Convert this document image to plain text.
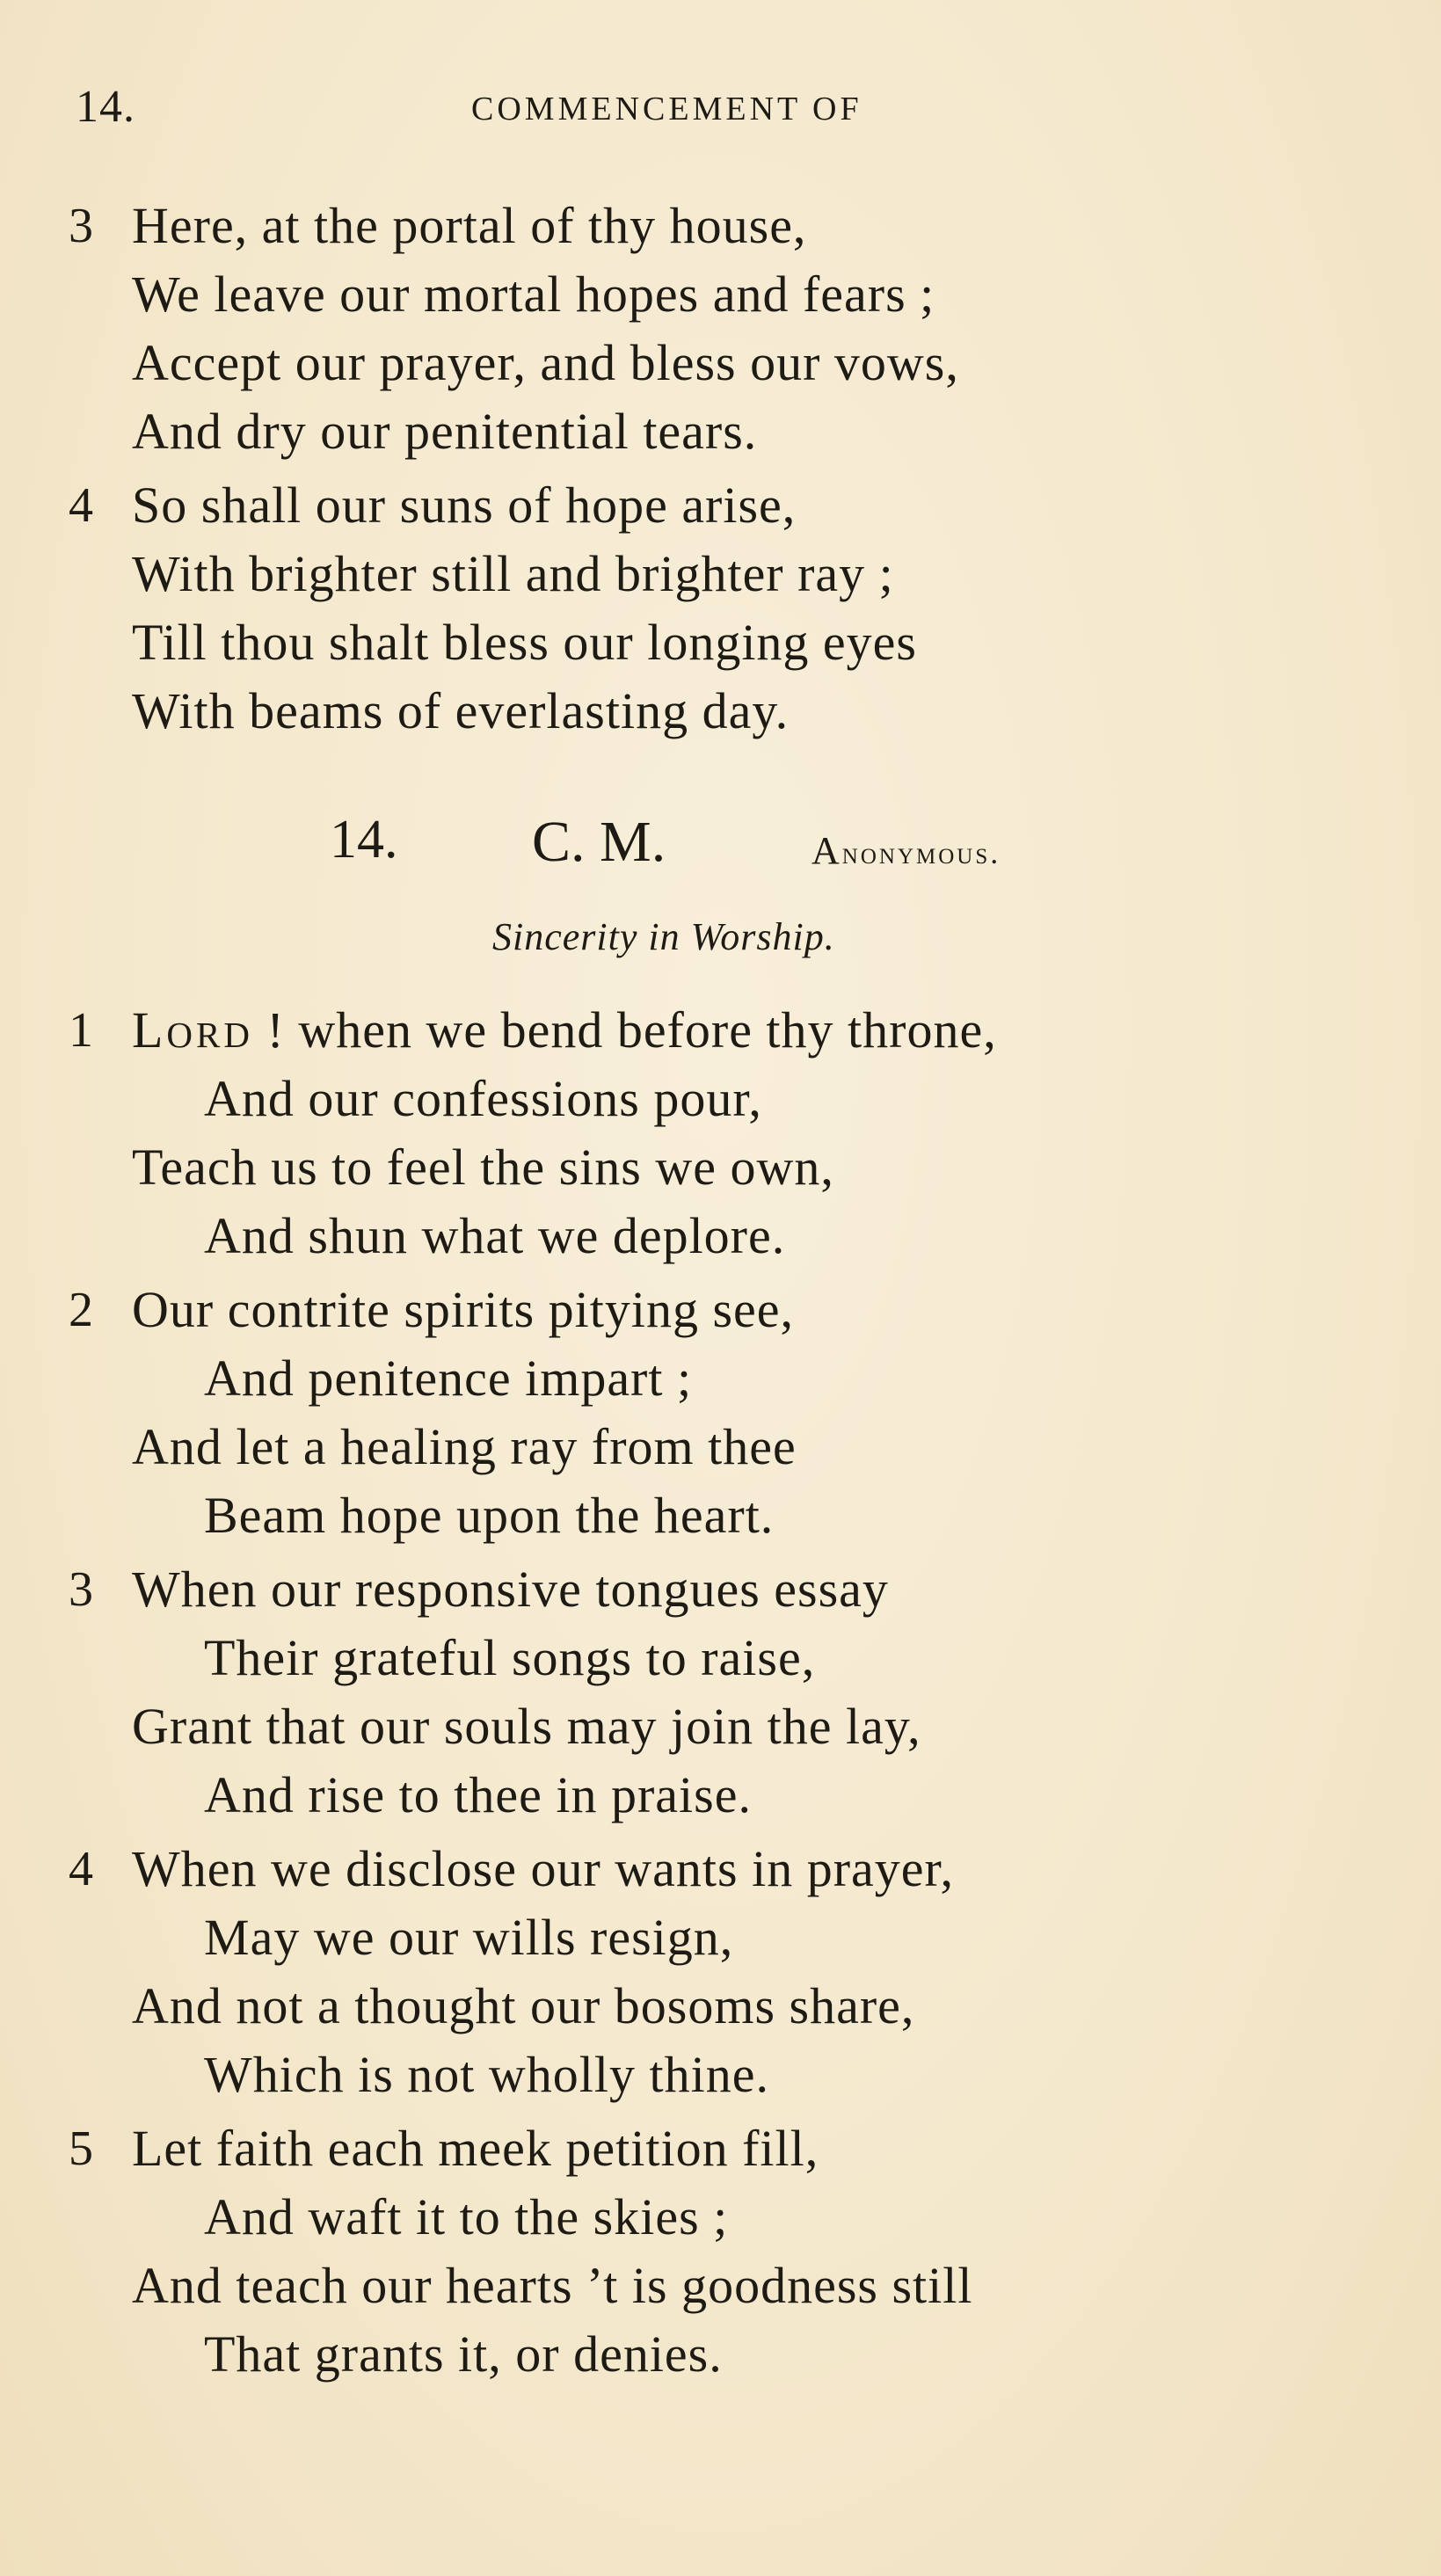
14.	COMMENCEMENT OF
3 Here, at the portal of thy house,
We leave our mortal hopes and fears ;
Accept our prayer, and bless our vows,
And dry our penitential tears.
4 So shall our suns of hope arise,
With brighter still and brighter ray ;
Till thou shalt bless our longing eyes
With beams of everlasting day.
14. C. M.	Anonymous.
Sincerity in Worship.
1 Lord ! when we bend before thy throne,
And our confessions pour,
Teach us to feel the sins we own,
And shun what we deplore.
2 Our contrite spirits pitying see,
And penitence impart ;
And let a healing ray from thee
Beam hope upon the heart.
3 When our responsive tongues essay
Their grateful songs to raise,
Grant that our souls may join the lay,
And rise to thee in praise.
4 When we disclose our wants in prayer,
May we our wills resign,
And not a thought our bosoms share,
Which is not wholly thine.
5 Let faith each meek petition fill,
And waft it to the skies ;
And teach our hearts ’t is goodness still
That grants it, or denies.
